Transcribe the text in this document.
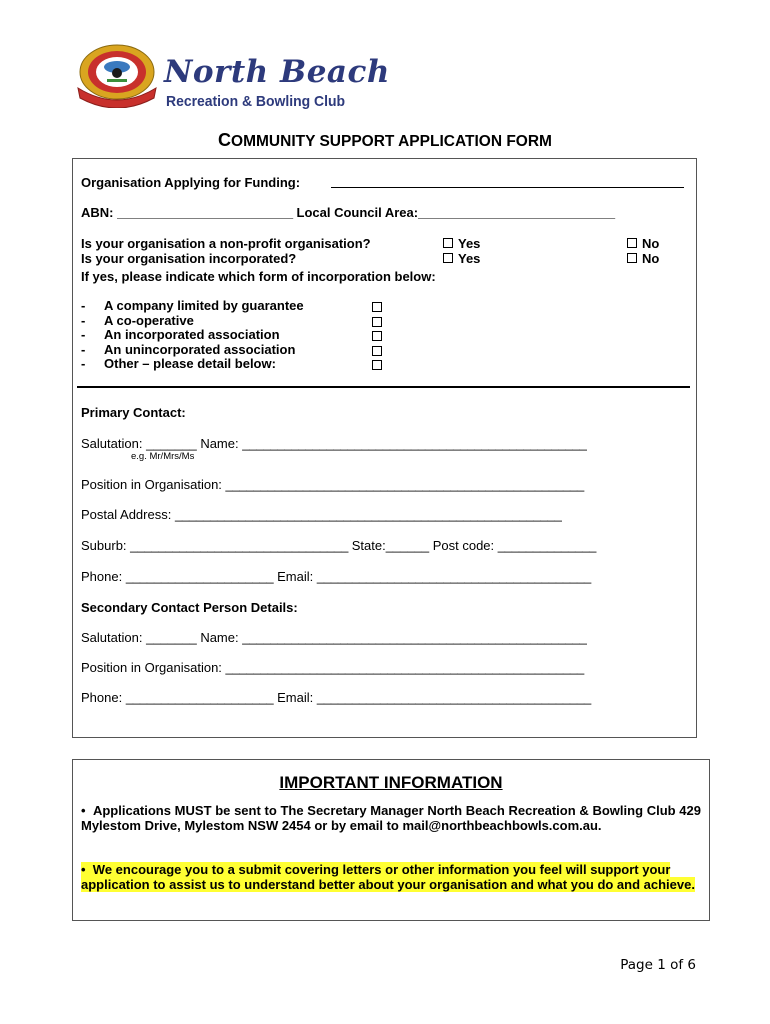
North Beach
Recreation & Bowling Club
COMMUNITY SUPPORT APPLICATION FORM
Organisation Applying for Funding:
ABN: _________________________ Local Council Area:____________________________
Is your organisation a non-profit organisation?	Yes	No
Is your organisation incorporated?	Yes	No
If yes, please indicate which form of incorporation below:
- A company limited by guarantee
- A co-operative
- An incorporated association
- An unincorporated association
- Other – please detail below:
Primary Contact:
Salutation: _______ Name: _________________________________________________
e.g. Mr/Mrs/Ms
Position in Organisation: ___________________________________________________
Postal Address: _______________________________________________________
Suburb: _______________________________ State:______ Post code: ______________
Phone: _____________________ Email: _______________________________________
Secondary Contact Person Details:
Salutation: _______ Name: _________________________________________________
Position in Organisation: ___________________________________________________
Phone: _____________________ Email: _______________________________________
IMPORTANT INFORMATION
• Applications MUST be sent to The Secretary Manager North Beach Recreation & Bowling Club 429 Mylestom Drive, Mylestom NSW 2454 or by email to mail@northbeachbowls.com.au.
• We encourage you to a submit covering letters or other information you feel will support your application to assist us to understand better about your organisation and what you do and achieve.
Page 1 of 6
